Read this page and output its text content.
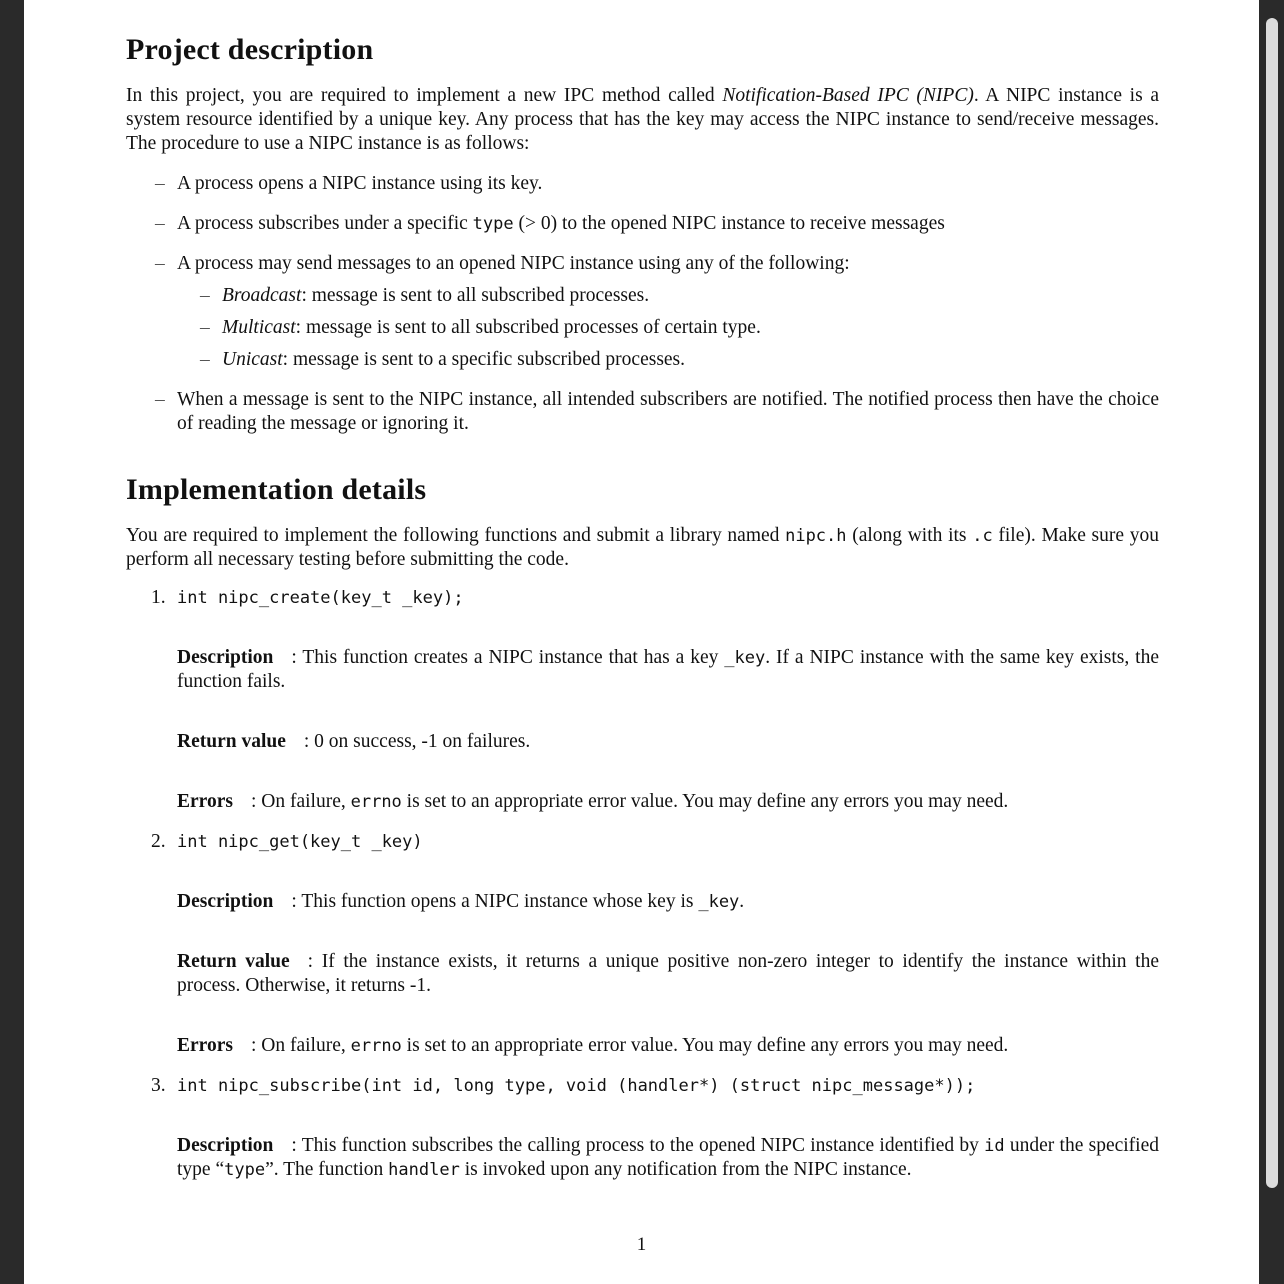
Project description

In this project, you are required to implement a new IPC method called Notification-Based IPC (NIPC). A NIPC instance is a system resource identified by a unique key. Any process that has the key may access the NIPC instance to send/receive messages. The procedure to use a NIPC instance is as follows:

– A process opens a NIPC instance using its key.
– A process subscribes under a specific type (> 0) to the opened NIPC instance to receive messages
– A process may send messages to an opened NIPC instance using any of the following:
– Broadcast: message is sent to all subscribed processes.
– Multicast: message is sent to all subscribed processes of certain type.
– Unicast: message is sent to a specific subscribed processes.
– When a message is sent to the NIPC instance, all intended subscribers are notified. The notified process then have the choice of reading the message or ignoring it.
Implementation details

You are required to implement the following functions and submit a library named nipc.h (along with its .c file). Make sure you perform all necessary testing before submitting the code.

1. int nipc_create(key_t _key);
Description : This function creates a NIPC instance that has a key _key. If a NIPC instance with the same key exists, the function fails.
Return value : 0 on success, -1 on failures.
Errors : On failure, errno is set to an appropriate error value. You may define any errors you may need.
2. int nipc_get(key_t _key)
Description : This function opens a NIPC instance whose key is _key.
Return value : If the instance exists, it returns a unique positive non-zero integer to identify the instance within the process. Otherwise, it returns -1.
Errors : On failure, errno is set to an appropriate error value. You may define any errors you may need.
3. int nipc_subscribe(int id, long type, void (handler*) (struct nipc_message*));
Description : This function subscribes the calling process to the opened NIPC instance identified by id under the specified type “type”. The function handler is invoked upon any notification from the NIPC instance.
1
